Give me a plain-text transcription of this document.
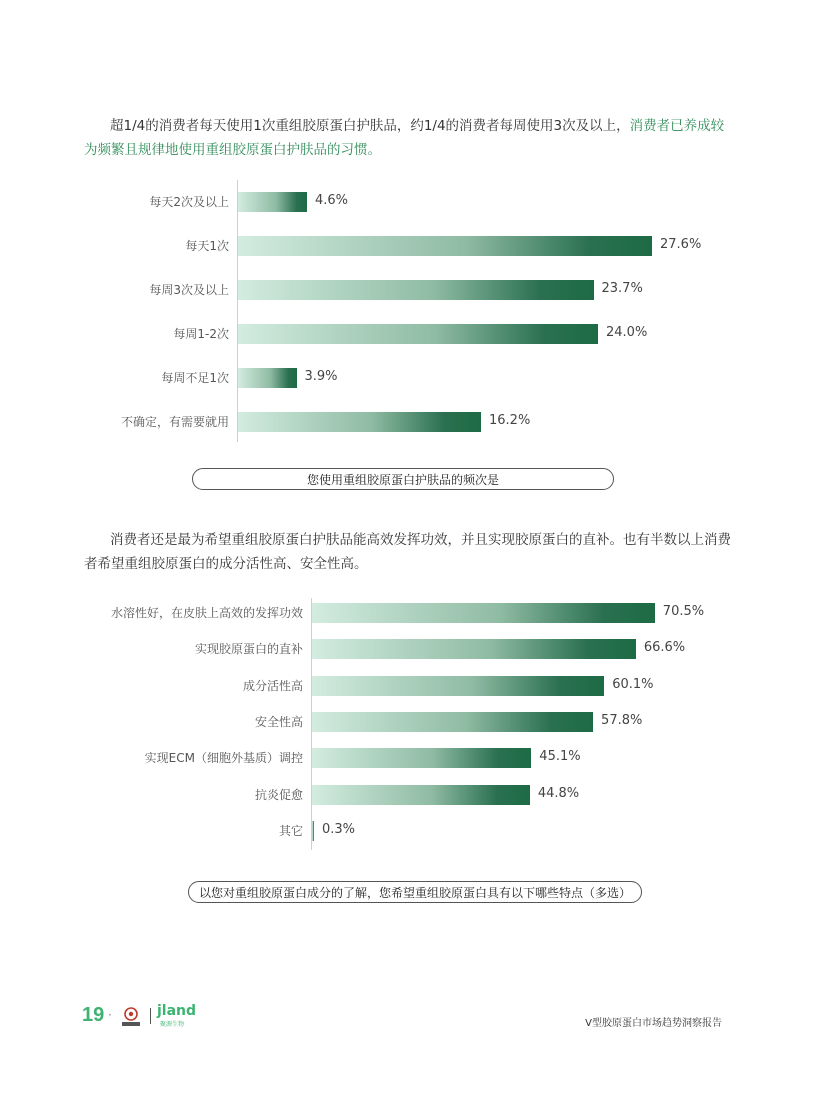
超1/4的消费者每天使用1次重组胶原蛋白护肤品，约1/4的消费者每周使用3次及以上，消费者已养成较为频繁且规律地使用重组胶原蛋白护肤品的习惯。

每天2次及以上	4.6%
每天1次	27.6%
每周3次及以上	23.7%
每周1-2次	24.0%
每周不足1次	3.9%
不确定，有需要就用	16.2%
您使用重组胶原蛋白护肤品的频次是

消费者还是最为希望重组胶原蛋白护肤品能高效发挥功效，并且实现胶原蛋白的直补。也有半数以上消费者希望重组胶原蛋白的成分活性高、安全性高。

水溶性好，在皮肤上高效的发挥功效	70.5%
实现胶原蛋白的直补	66.6%
成分活性高	60.1%
安全性高	57.8%
实现ECM（细胞外基质）调控	45.1%
抗炎促愈	44.8%
其它 0.3%
以您对重组胶原蛋白成分的了解，您希望重组胶原蛋白具有以下哪些特点（多选）
19 ·	jland
聚源生物	V型胶原蛋白市场趋势洞察报告
